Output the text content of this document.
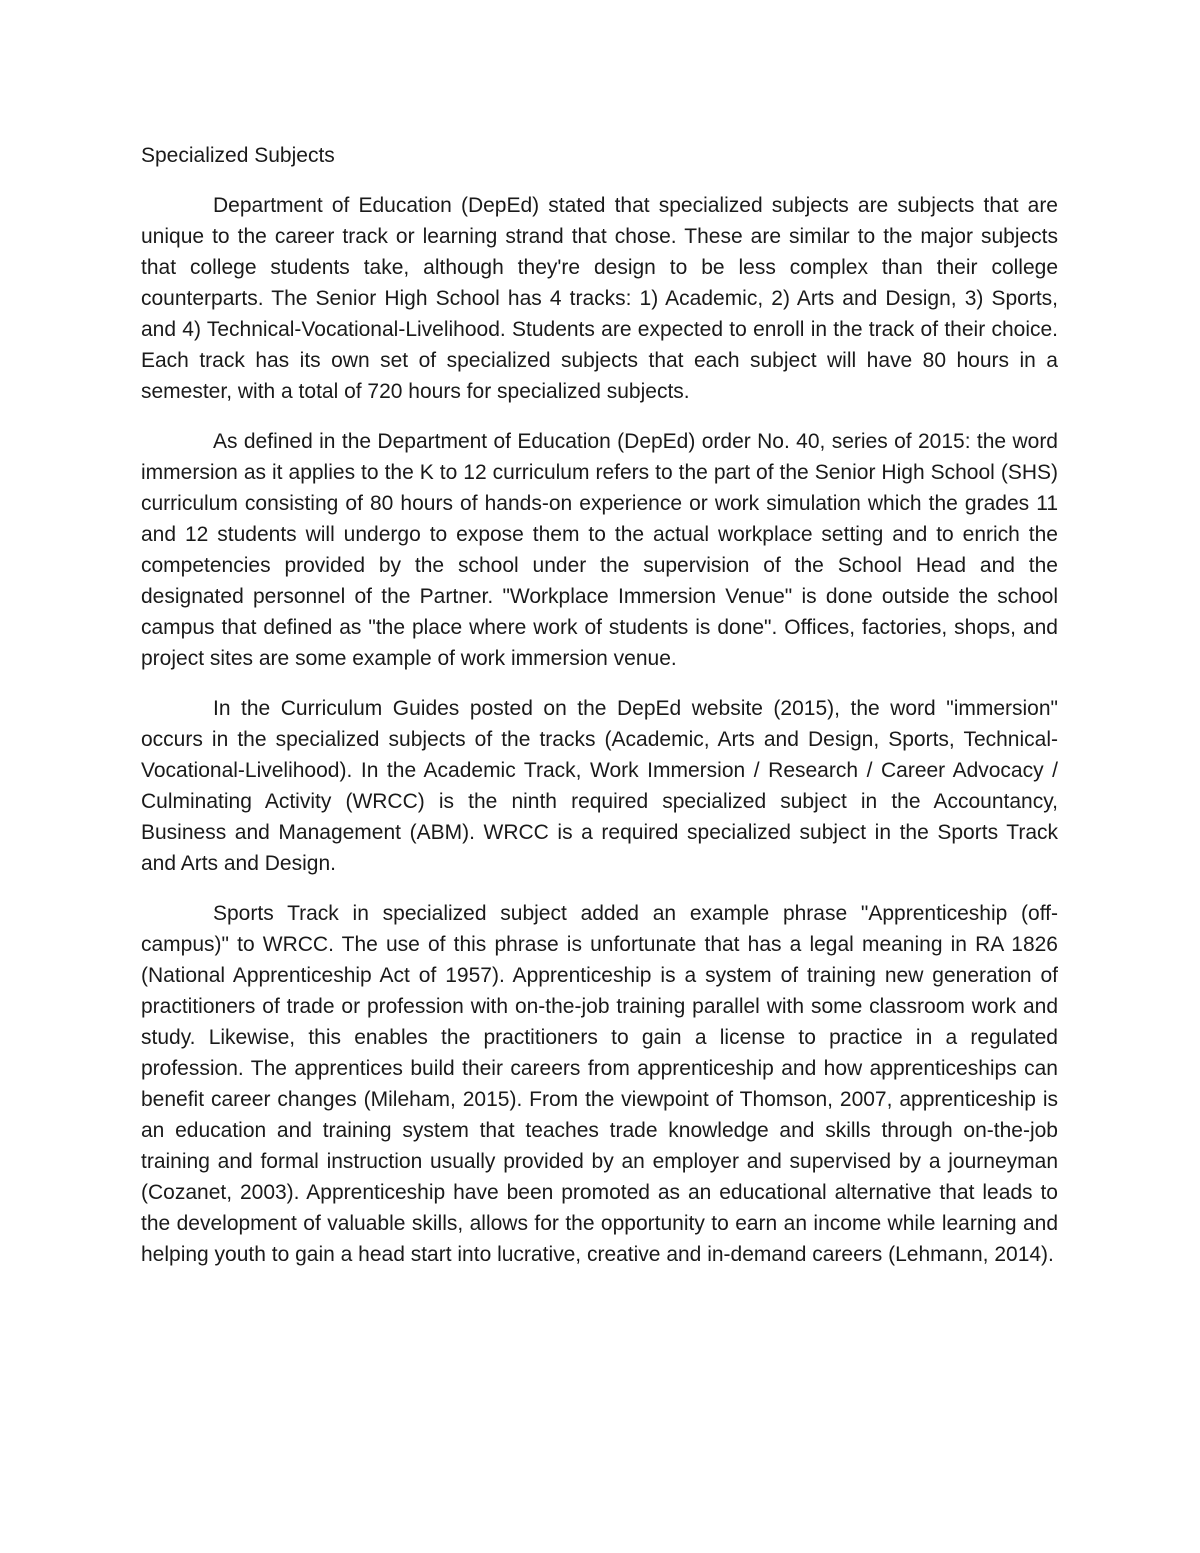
Specialized Subjects

Department of Education (DepEd) stated that specialized subjects are subjects that are unique to the career track or learning strand that chose. These are similar to the major subjects that college students take, although they're design to be less complex than their college counterparts. The Senior High School has 4 tracks: 1) Academic, 2) Arts and Design, 3) Sports, and 4) Technical-Vocational-Livelihood. Students are expected to enroll in the track of their choice. Each track has its own set of specialized subjects that each subject will have 80 hours in a semester, with a total of 720 hours for specialized subjects.

As defined in the Department of Education (DepEd) order No. 40, series of 2015: the word immersion as it applies to the K to 12 curriculum refers to the part of the Senior High School (SHS) curriculum consisting of 80 hours of hands-on experience or work simulation which the grades 11 and 12 students will undergo to expose them to the actual workplace setting and to enrich the competencies provided by the school under the supervision of the School Head and the designated personnel of the Partner. "Workplace Immersion Venue" is done outside the school campus that defined as "the place where work of students is done". Offices, factories, shops, and project sites are some example of work immersion venue.

In the Curriculum Guides posted on the DepEd website (2015), the word "immersion" occurs in the specialized subjects of the tracks (Academic, Arts and Design, Sports, Technical-Vocational-Livelihood). In the Academic Track, Work Immersion / Research / Career Advocacy / Culminating Activity (WRCC) is the ninth required specialized subject in the Accountancy, Business and Management (ABM). WRCC is a required specialized subject in the Sports Track and Arts and Design.

Sports Track in specialized subject added an example phrase "Apprenticeship (off-campus)" to WRCC. The use of this phrase is unfortunate that has a legal meaning in RA 1826 (National Apprenticeship Act of 1957). Apprenticeship is a system of training new generation of practitioners of trade or profession with on-the-job training parallel with some classroom work and study. Likewise, this enables the practitioners to gain a license to practice in a regulated profession. The apprentices build their careers from apprenticeship and how apprenticeships can benefit career changes (Mileham, 2015). From the viewpoint of Thomson, 2007, apprenticeship is an education and training system that teaches trade knowledge and skills through on-the-job training and formal instruction usually provided by an employer and supervised by a journeyman (Cozanet, 2003). Apprenticeship have been promoted as an educational alternative that leads to the development of valuable skills, allows for the opportunity to earn an income while learning and helping youth to gain a head start into lucrative, creative and in-demand careers (Lehmann, 2014).
